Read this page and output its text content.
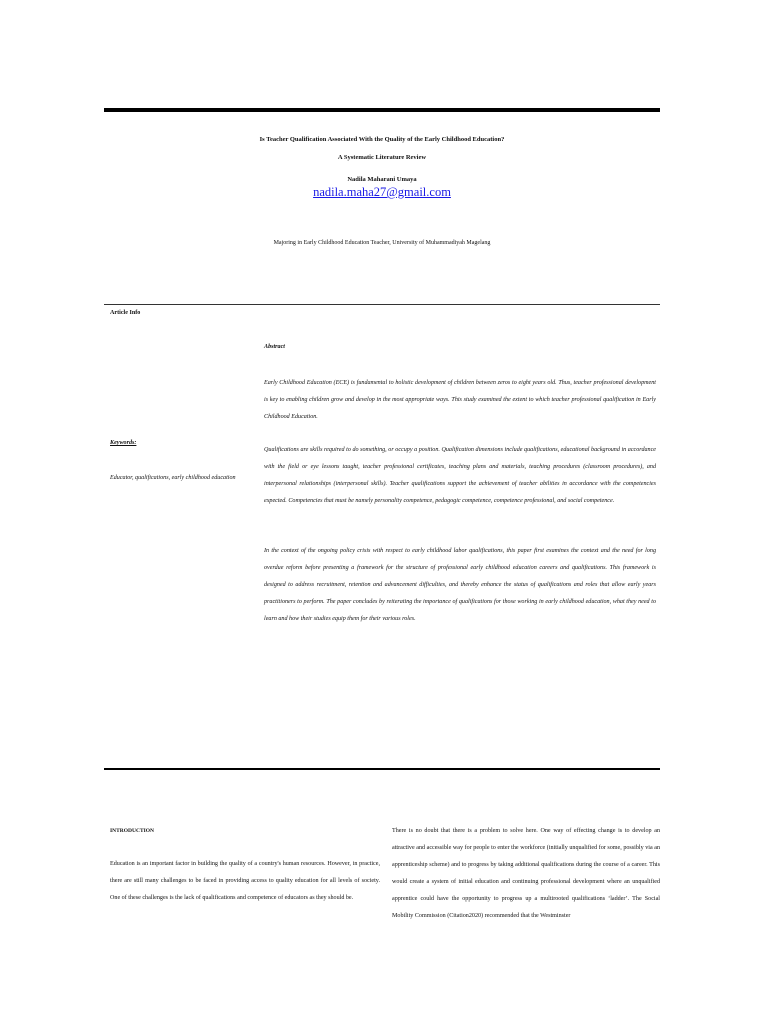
Is Teacher Qualification Associated With the Quality of the Early Childhood Education?
A Systematic Literature Review
Nadila Maharani Umaya
nadila.maha27@gmail.com
Majoring in Early Childhood Education Teacher, University of Muhammadiyah Magelang
Article Info
Abstract

Early Childhood Education (ECE) is fundamental to holistic development of children between zeros to eight years old. Thus, teacher professional development is key to enabling children grow and develop in the most appropriate ways. This study examined the extent to which teacher professional qualification in Early Childhood Education.

Qualifications are skills required to do something, or occupy a position. Qualification dimensions include qualifications, educational background in accordance with the field or eye lessons taught, teacher professional certificates, teaching plans and materials, teaching procedures (classroom procedures), and interpersonal relationships (interpersonal skills). Teacher qualifications support the achievement of teacher abilities in accordance with the competencies expected. Competencies that must be namely personality competence, pedagogic competence, competence professional, and social competence.

In the context of the ongoing policy crisis with respect to early childhood labor qualifications, this paper first examines the context and the need for long overdue reform before presenting a framework for the structure of professional early childhood education careers and qualifications. This framework is designed to address recruitment, retention and advancement difficulties, and thereby enhance the status of qualifications and roles that allow early years practitioners to perform. The paper concludes by reiterating the importance of qualifications for those working in early childhood education, what they need to learn and how their studies equip them for their various roles.

Keywords:

Educator, qualifications, early childhood education

INTRODUCTION

Education is an important factor in building the quality of a country's human resources. However, in practice, there are still many challenges to be faced in providing access to quality education for all levels of society. One of these challenges is the lack of qualifications and competence of educators as they should be.

There is no doubt that there is a problem to solve here. One way of effecting change is to develop an attractive and accessible way for people to enter the workforce (initially unqualified for some, possibly via an apprenticeship scheme) and to progress by taking additional qualifications during the course of a career. This would create a system of initial education and continuing professional development where an unqualified apprentice could have the opportunity to progress up a multirooted qualifications ‘ladder’. The Social Mobility Commission (Citation2020) recommended that the Westminster
